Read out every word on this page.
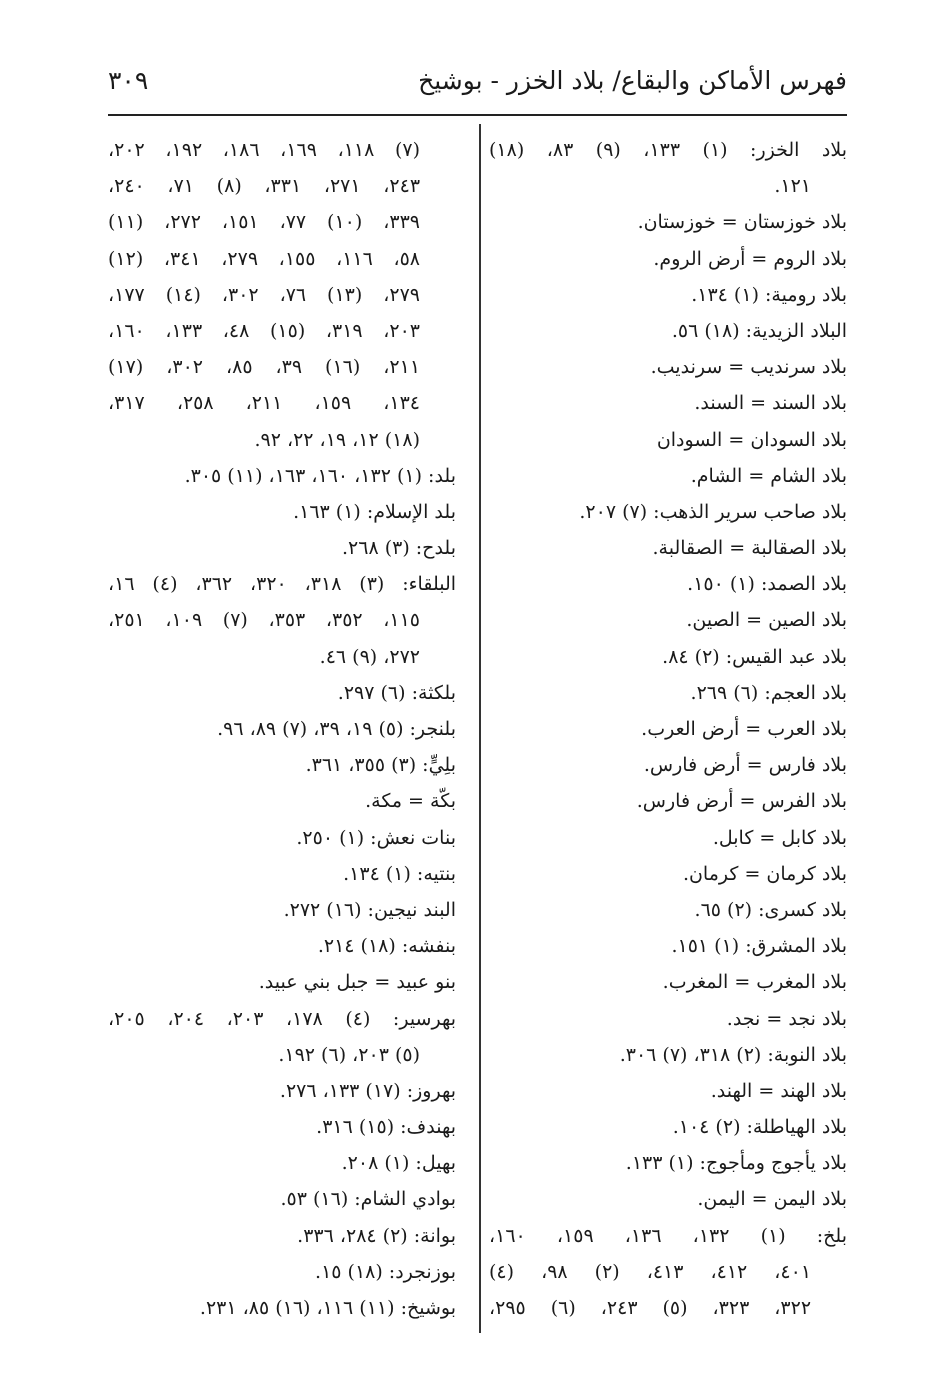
فهرس الأماكن والبقاع/ بلاد الخزر - بوشيخ
٣٠٩
بلاد الخزر: (١) ١٣٣، (٩) ٨٣، (١٨)
١٢١.
بلاد خوزستان = خوزستان.
بلاد الروم = أرض الروم.
بلاد رومية: (١) ١٣٤.
البلاد الزيدية: (١٨) ٥٦.
بلاد سرنديب = سرنديب.
بلاد السند = السند.
بلاد السودان = السودان
بلاد الشام = الشام.
بلاد صاحب سرير الذهب: (٧) ٢٠٧.
بلاد الصقالبة = الصقالبة.
بلاد الصمد: (١) ١٥٠.
بلاد الصين = الصين.
بلاد عبد القيس: (٢) ٨٤.
بلاد العجم: (٦) ٢٦٩.
بلاد العرب = أرض العرب.
بلاد فارس = أرض فارس.
بلاد الفرس = أرض فارس.
بلاد كابل = كابل.
بلاد كرمان = كرمان.
بلاد كسرى: (٢) ٦٥.
بلاد المشرق: (١) ١٥١.
بلاد المغرب = المغرب.
بلاد نجد = نجد.
بلاد النوبة: (٢) ٣١٨، (٧) ٣٠٦.
بلاد الهند = الهند.
بلاد الهياطلة: (٢) ١٠٤.
بلاد يأجوج ومأجوج: (١) ١٣٣.
بلاد اليمن = اليمن.
بلخ: (١) ١٣٢، ١٣٦، ١٥٩، ١٦٠،
٤٠١، ٤١٢، ٤١٣، (٢) ٩٨، (٤)
٣٢٢، ٣٢٣، (٥) ٢٤٣، (٦) ٢٩٥،
(٧) ١١٨، ١٦٩، ١٨٦، ١٩٢، ٢٠٢،
٢٤٣، ٢٧١، ٣٣١، (٨) ٧١، ٢٤٠،
٣٣٩، (١٠) ٧٧، ١٥١، ٢٧٢، (١١)
٥٨، ١١٦، ١٥٥، ٢٧٩، ٣٤١، (١٢)
٢٧٩، (١٣) ٧٦، ٣٠٢، (١٤) ١٧٧،
٢٠٣، ٣١٩، (١٥) ٤٨، ١٣٣، ١٦٠،
٢١١، (١٦) ٣٩، ٨٥، ٣٠٢، (١٧)
١٣٤، ١٥٩، ٢١١، ٢٥٨، ٣١٧،
(١٨) ١٢، ١٩، ٢٢، ٩٢.
بلد: (١) ١٣٢، ١٦٠، ١٦٣، (١١) ٣٠٥.
بلد الإسلام: (١) ١٦٣.
بلدح: (٣) ٢٦٨.
البلقاء: (٣) ٣١٨، ٣٢٠، ٣٦٢، (٤) ١٦،
١١٥، ٣٥٢، ٣٥٣، (٧) ١٠٩، ٢٥١،
٢٧٢، (٩) ٤٦.
بلكثة: (٦) ٢٩٧.
بلنجر: (٥) ١٩، ٣٩، (٧) ٨٩، ٩٦.
بلِيٍّ: (٣) ٣٥٥، ٣٦١.
بكّة = مكة.
بنات نعش: (١) ٢٥٠.
بنتيه: (١) ١٣٤.
البند نيجين: (١٦) ٢٧٢.
بنفشه: (١٨) ٢١٤.
بنو عبيد = جبل بني عبيد.
بهرسير: (٤) ١٧٨، ٢٠٣، ٢٠٤، ٢٠٥،
(٥) ٢٠٣، (٦) ١٩٢.
بهروز: (١٧) ١٣٣، ٢٧٦.
بهندف: (١٥) ٣١٦.
بهيل: (١) ٢٠٨.
بوادي الشام: (١٦) ٥٣.
بوانة: (٢) ٢٨٤، ٣٣٦.
بوزنجرد: (١٨) ١٥.
بوشيخ: (١١) ١١٦، (١٦) ٨٥، ٢٣١.
